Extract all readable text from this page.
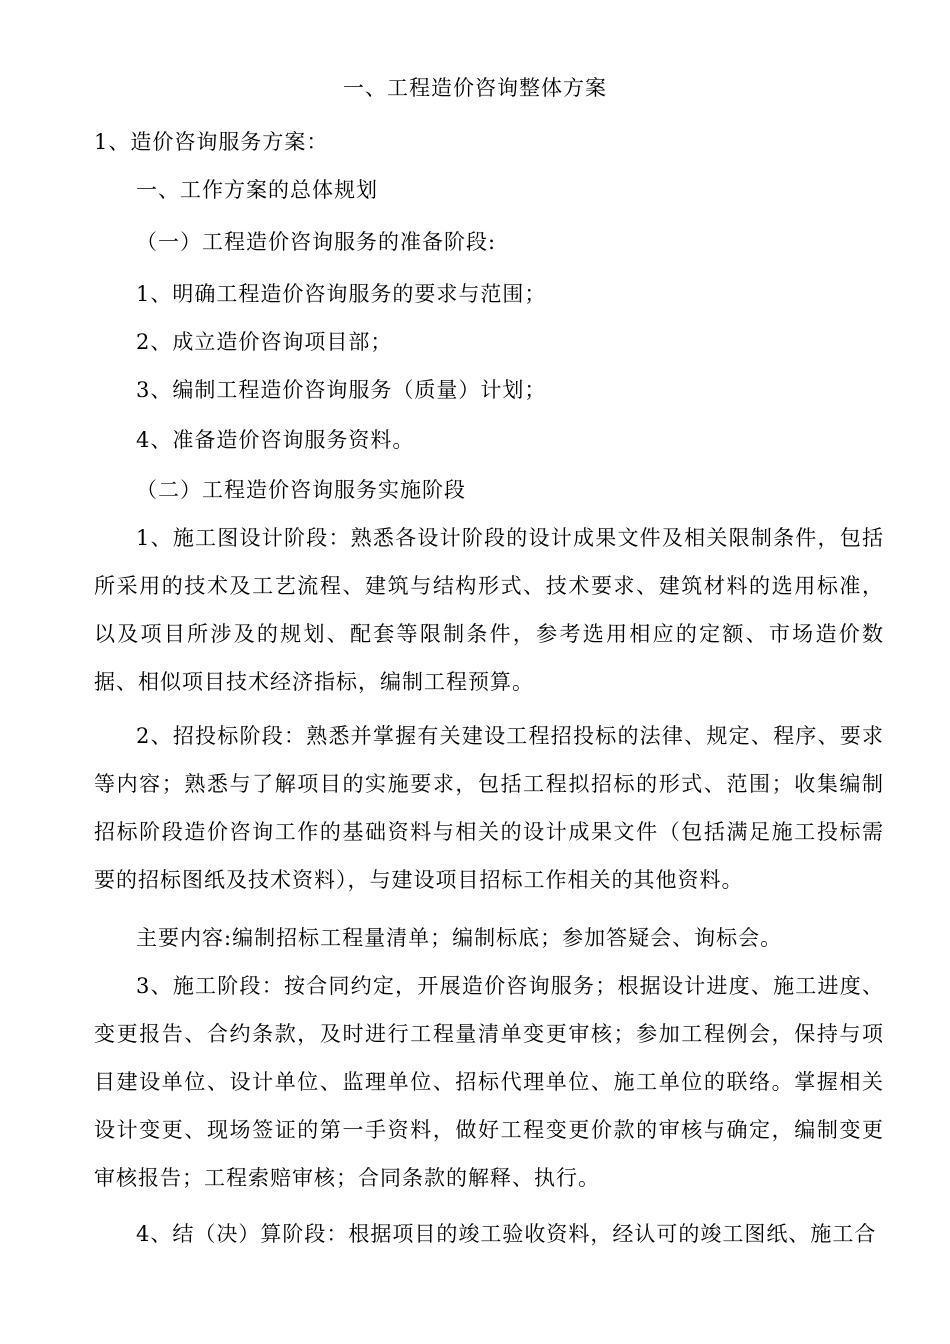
一、工程造价咨询整体方案

1、造价咨询服务方案：

一、工作方案的总体规划

（一）工程造价咨询服务的准备阶段:

1、明确工程造价咨询服务的要求与范围；

2、成立造价咨询项目部；

3、编制工程造价咨询服务（质量）计划；

4、准备造价咨询服务资料。

（二）工程造价咨询服务实施阶段

1、施工图设计阶段：熟悉各设计阶段的设计成果文件及相关限制条件，包括所采用的技术及工艺流程、建筑与结构形式、技术要求、建筑材料的选用标准，以及项目所涉及的规划、配套等限制条件，参考选用相应的定额、市场造价数据、相似项目技术经济指标，编制工程预算。

2、招投标阶段：熟悉并掌握有关建设工程招投标的法律、规定、程序、要求等内容；熟悉与了解项目的实施要求，包括工程拟招标的形式、范围；收集编制招标阶段造价咨询工作的基础资料与相关的设计成果文件（包括满足施工投标需要的招标图纸及技术资料），与建设项目招标工作相关的其他资料。

主要内容:编制招标工程量清单；编制标底；参加答疑会、询标会。

3、施工阶段：按合同约定，开展造价咨询服务；根据设计进度、施工进度、变更报告、合约条款，及时进行工程量清单变更审核；参加工程例会，保持与项目建设单位、设计单位、监理单位、招标代理单位、施工单位的联络。掌握相关设计变更、现场签证的第一手资料，做好工程变更价款的审核与确定，编制变更审核报告；工程索赔审核；合同条款的解释、执行。

4、结（决）算阶段：根据项目的竣工验收资料，经认可的竣工图纸、施工合
